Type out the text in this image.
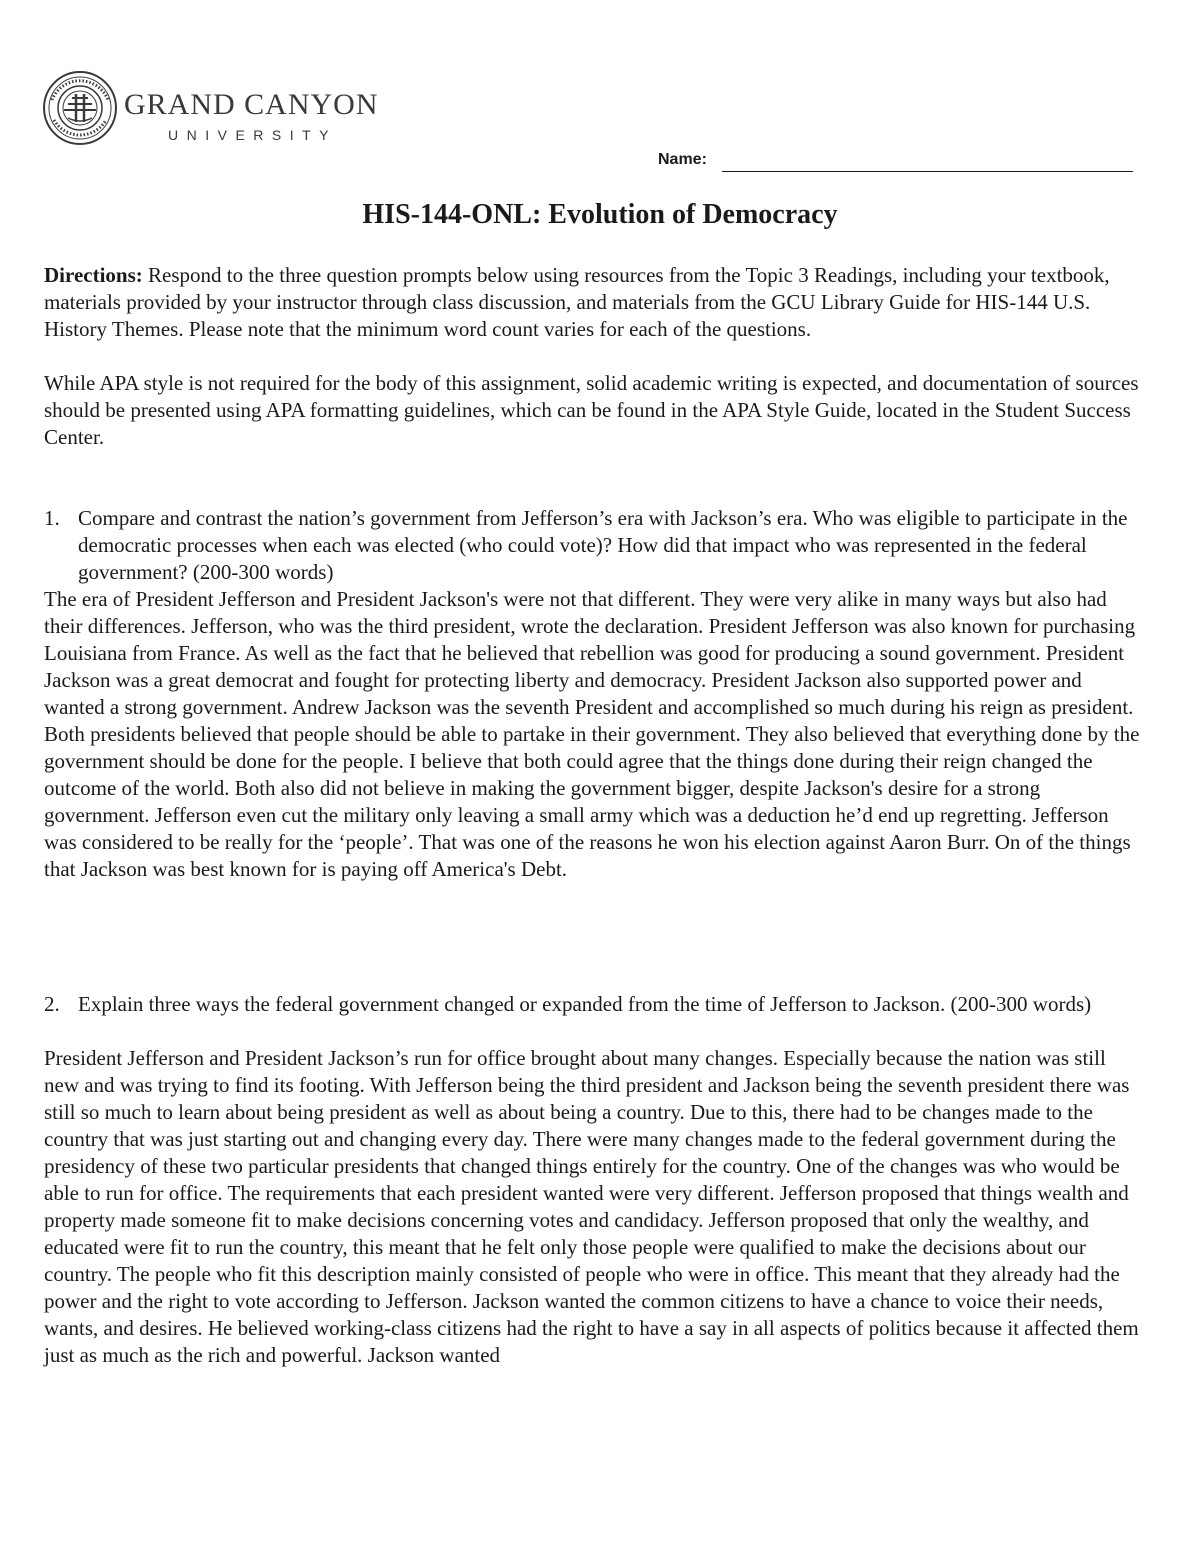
GRAND CANYON
UNIVERSITY
Name:
HIS-144-ONL: Evolution of Democracy

Directions: Respond to the three question prompts below using resources from the Topic 3 Readings, including your textbook, materials provided by your instructor through class discussion, and materials from the GCU Library Guide for HIS-144 U.S. History Themes. Please note that the minimum word count varies for each of the questions.

While APA style is not required for the body of this assignment, solid academic writing is expected, and documentation of sources should be presented using APA formatting guidelines, which can be found in the APA Style Guide, located in the Student Success Center.

1. Compare and contrast the nation’s government from Jefferson’s era with Jackson’s era. Who was eligible to participate in the democratic processes when each was elected (who could vote)? How did that impact who was represented in the federal government? (200-300 words)

The era of President Jefferson and President Jackson's were not that different. They were very alike in many ways but also had their differences. Jefferson, who was the third president, wrote the declaration. President Jefferson was also known for purchasing Louisiana from France. As well as the fact that he believed that rebellion was good for producing a sound government. President Jackson was a great democrat and fought for protecting liberty and democracy. President Jackson also supported power and wanted a strong government. Andrew Jackson was the seventh President and accomplished so much during his reign as president. Both presidents believed that people should be able to partake in their government. They also believed that everything done by the government should be done for the people. I believe that both could agree that the things done during their reign changed the outcome of the world. Both also did not believe in making the government bigger, despite Jackson's desire for a strong government. Jefferson even cut the military only leaving a small army which was a deduction he’d end up regretting. Jefferson was considered to be really for the ‘people’. That was one of the reasons he won his election against Aaron Burr. On of the things that Jackson was best known for is paying off America's Debt.

2. Explain three ways the federal government changed or expanded from the time of Jefferson to Jackson. (200-300 words)

President Jefferson and President Jackson’s run for office brought about many changes. Especially because the nation was still new and was trying to find its footing. With Jefferson being the third president and Jackson being the seventh president there was still so much to learn about being president as well as about being a country. Due to this, there had to be changes made to the country that was just starting out and changing every day. There were many changes made to the federal government during the presidency of these two particular presidents that changed things entirely for the country. One of the changes was who would be able to run for office. The requirements that each president wanted were very different. Jefferson proposed that things wealth and property made someone fit to make decisions concerning votes and candidacy. Jefferson proposed that only the wealthy, and educated were fit to run the country, this meant that he felt only those people were qualified to make the decisions about our country. The people who fit this description mainly consisted of people who were in office. This meant that they already had the power and the right to vote according to Jefferson. Jackson wanted the common citizens to have a chance to voice their needs, wants, and desires. He believed working-class citizens had the right to have a say in all aspects of politics because it affected them just as much as the rich and powerful. Jackson wanted
